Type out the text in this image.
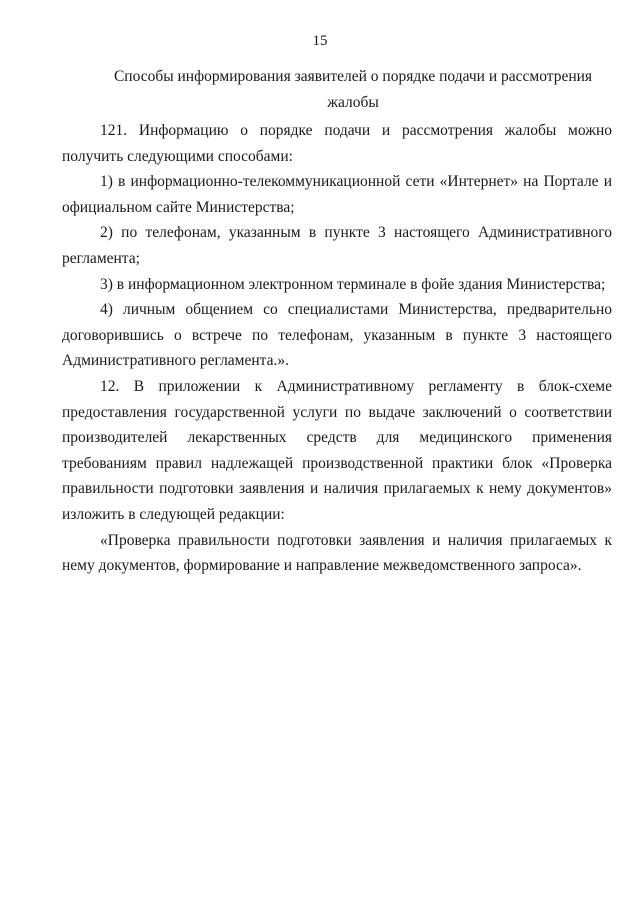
15
Способы информирования заявителей о порядке подачи и рассмотрения
жалобы

121. Информацию о порядке подачи и рассмотрения жалобы можно получить следующими способами:

1) в информационно-телекоммуникационной сети «Интернет» на Портале и официальном сайте Министерства;

2) по телефонам, указанным в пункте 3 настоящего Административного регламента;

3) в информационном электронном терминале в фойе здания Министерства;

4) личным общением со специалистами Министерства, предварительно договорившись о встрече по телефонам, указанным в пункте 3 настоящего Административного регламента.».

12. В приложении к Административному регламенту в блок-схеме предоставления государственной услуги по выдаче заключений о соответствии производителей лекарственных средств для медицинского применения требованиям правил надлежащей производственной практики блок «Проверка правильности подготовки заявления и наличия прилагаемых к нему документов» изложить в следующей редакции:

«Проверка правильности подготовки заявления и наличия прилагаемых к нему документов, формирование и направление межведомственного запроса».
